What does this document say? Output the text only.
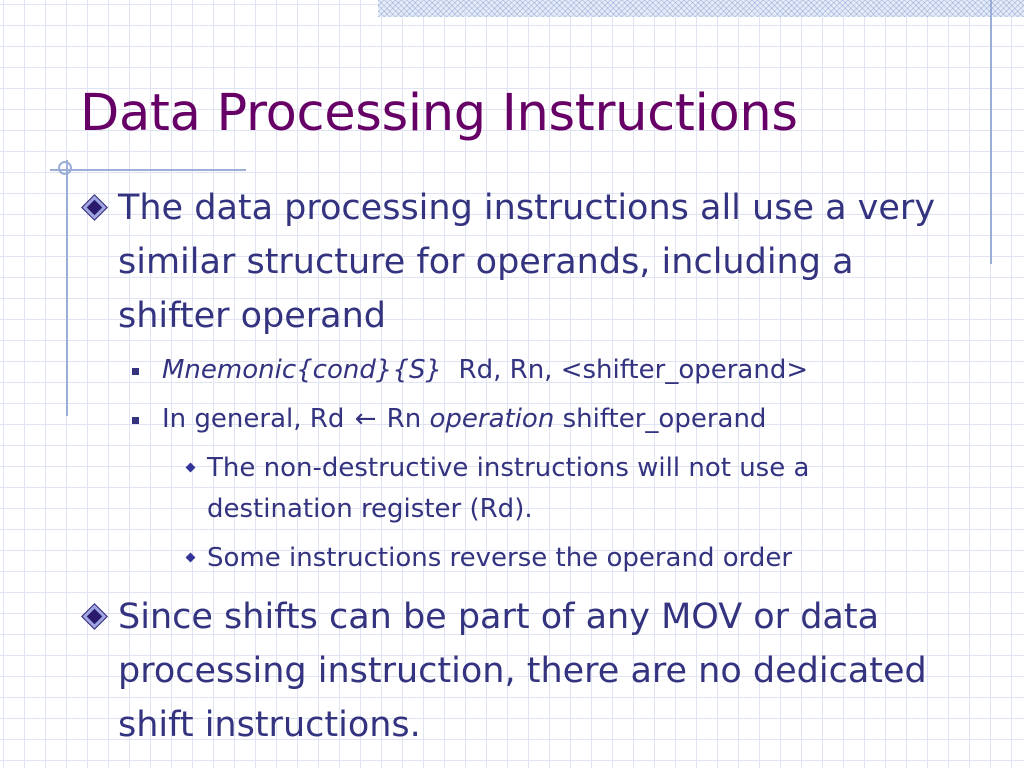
Data Processing Instructions
The data processing instructions all use a very similar structure for operands, including a shifter operand
Mnemonic{cond}{S} Rd, Rn, <shifter_operand>
In general, Rd ← Rn operation shifter_operand
The non-destructive instructions will not use a destination register (Rd).
Some instructions reverse the operand order
Since shifts can be part of any MOV or data processing instruction, there are no dedicated shift instructions.
